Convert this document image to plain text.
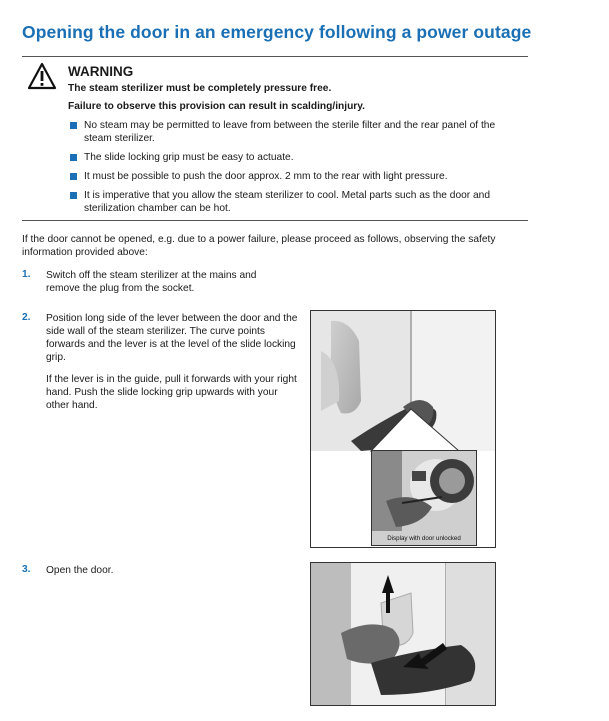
Opening the door in an emergency following a power outage
WARNING
The steam sterilizer must be completely pressure free.
Failure to observe this provision can result in scalding/injury.
No steam may be permitted to leave from between the sterile filter and the rear panel of the steam sterilizer.
The slide locking grip must be easy to actuate.
It must be possible to push the door approx. 2 mm to the rear with light pressure.
It is imperative that you allow the steam sterilizer to cool. Metal parts such as the door and sterilization chamber can be hot.
If the door cannot be opened, e.g. due to a power failure, please proceed as follows, observing the safety information provided above:
1. Switch off the steam sterilizer at the mains and remove the plug from the socket.
2. Position long side of the lever between the door and the side wall of the steam sterilizer. The curve points forwards and the lever is at the level of the slide locking grip.
If the lever is in the guide, pull it forwards with your right hand. Push the slide locking grip upwards with your other hand.
Display with door unlocked
3. Open the door.
